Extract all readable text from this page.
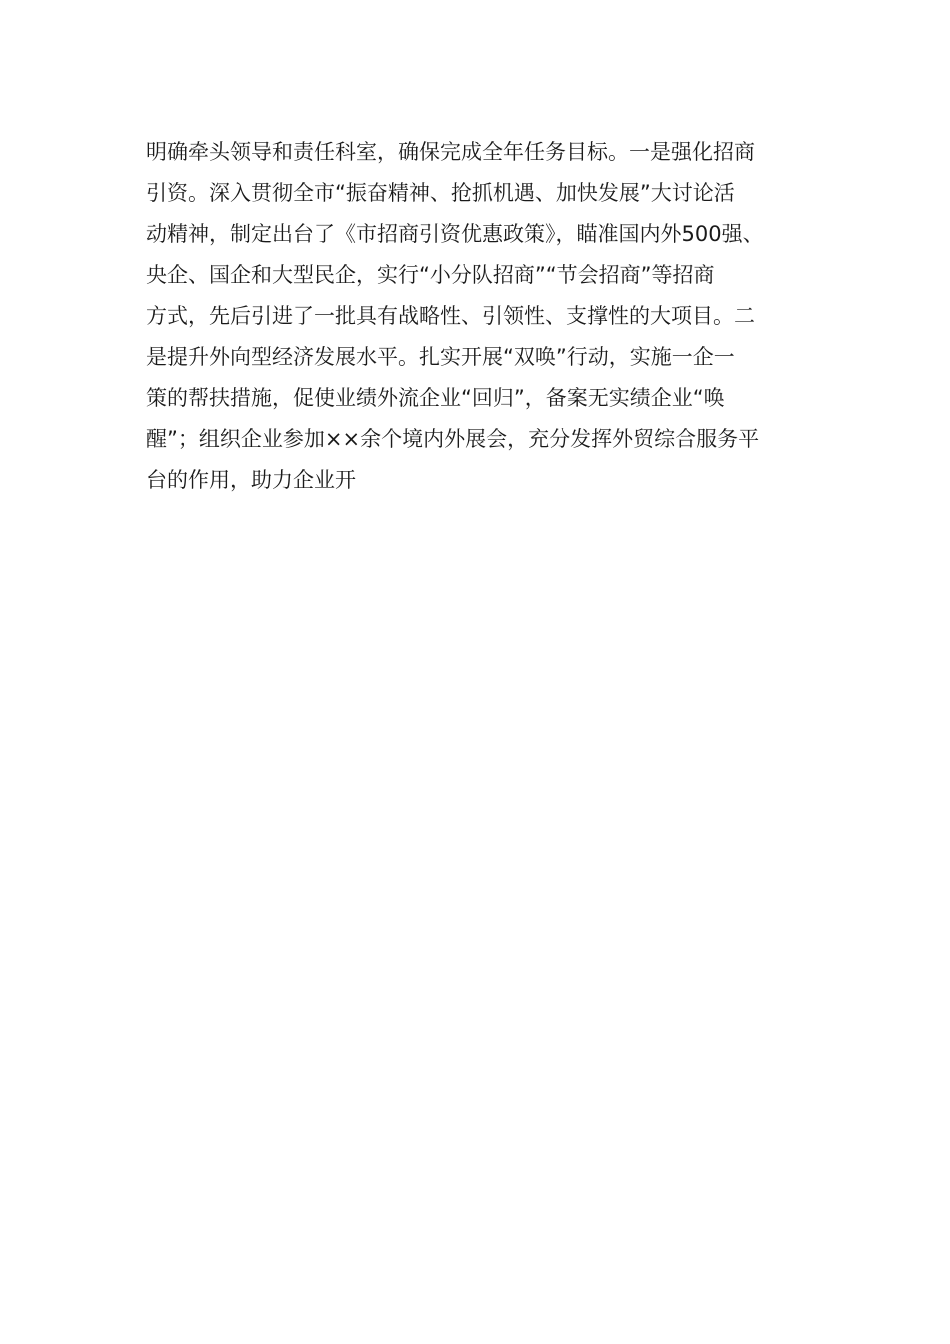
明确牵头领导和责任科室，确保完成全年任务目标。一是强化招商
引资。深入贯彻全市“振奋精神、抢抓机遇、加快发展”大讨论活
动精神，制定出台了《市招商引资优惠政策》，瞄准国内外500强、
央企、国企和大型民企，实行“小分队招商”“节会招商”等招商
方式，先后引进了一批具有战略性、引领性、支撑性的大项目。二
是提升外向型经济发展水平。扎实开展“双唤”行动，实施一企一
策的帮扶措施，促使业绩外流企业“回归”，备案无实绩企业“唤
醒”；组织企业参加××余个境内外展会，充分发挥外贸综合服务平
台的作用，助力企业开
